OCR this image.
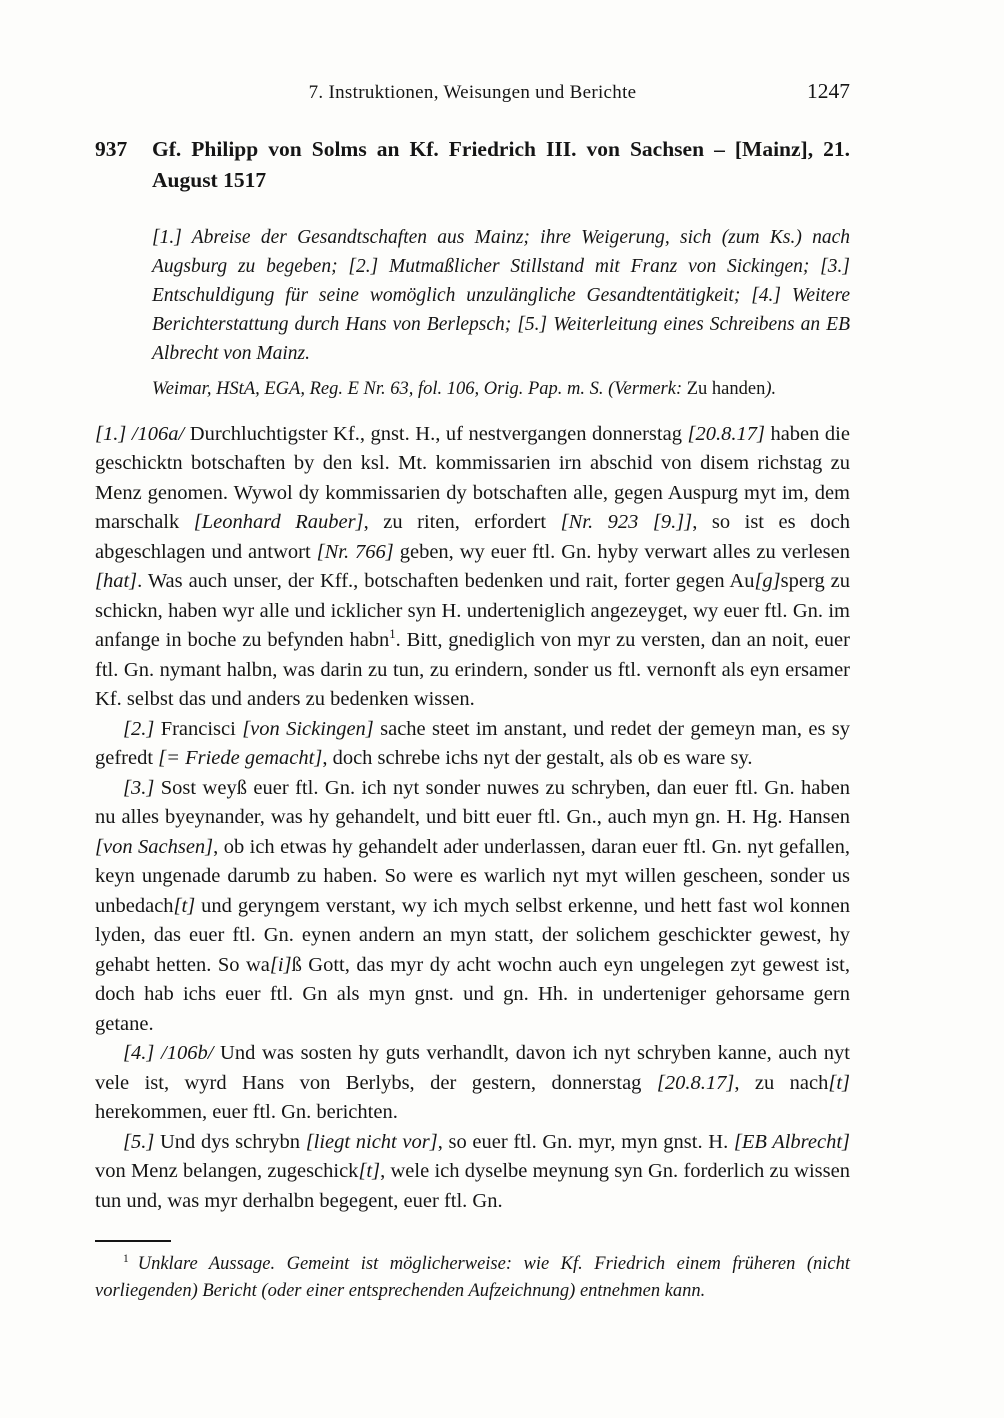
7. Instruktionen, Weisungen und Berichte	1247
937	Gf. Philipp von Solms an Kf. Friedrich III. von Sachsen – [Mainz], 21. August 1517

[1.] Abreise der Gesandtschaften aus Mainz; ihre Weigerung, sich (zum Ks.) nach Augsburg zu begeben; [2.] Mutmaßlicher Stillstand mit Franz von Sickingen; [3.] Entschuldigung für seine womöglich unzulängliche Gesandtentätigkeit; [4.] Weitere Berichterstattung durch Hans von Berlepsch; [5.] Weiterleitung eines Schreibens an EB Albrecht von Mainz.

Weimar, HStA, EGA, Reg. E Nr. 63, fol. 106, Orig. Pap. m. S. (Vermerk: Zu handen).

[1.] /106a/ Durchluchtigster Kf., gnst. H., uf nestvergangen donnerstag [20.8.17] haben die geschicktn botschaften by den ksl. Mt. kommissarien irn abschid von disem richstag zu Menz genomen. Wywol dy kommissarien dy botschaften alle, gegen Auspurg myt im, dem marschalk [Leonhard Rauber], zu riten, erfordert [Nr. 923 [9.]], so ist es doch abgeschlagen und antwort [Nr. 766] geben, wy euer ftl. Gn. hyby verwart alles zu verlesen [hat]. Was auch unser, der Kff., botschaften bedenken und rait, forter gegen Au[g]sperg zu schickn, haben wyr alle und icklicher syn H. underteniglich angezeyget, wy euer ftl. Gn. im anfange in boche zu befynden habn$^1$. Bitt, gnediglich von myr zu versten, dan an noit, euer ftl. Gn. nymant halbn, was darin zu tun, zu erindern, sonder us ftl. vernonft als eyn ersamer Kf. selbst das und anders zu bedenken wissen.

[2.] Francisci [von Sickingen] sache steet im anstant, und redet der gemeyn man, es sy gefredt [= Friede gemacht], doch schrebe ichs nyt der gestalt, als ob es ware sy.

[3.] Sost weyß euer ftl. Gn. ich nyt sonder nuwes zu schryben, dan euer ftl. Gn. haben nu alles byeynander, was hy gehandelt, und bitt euer ftl. Gn., auch myn gn. H. Hg. Hansen [von Sachsen], ob ich etwas hy gehandelt ader underlassen, daran euer ftl. Gn. nyt gefallen, keyn ungenade darumb zu haben. So were es warlich nyt myt willen gescheen, sonder us unbedach[t] und geryngem verstant, wy ich mych selbst erkenne, und hett fast wol konnen lyden, das euer ftl. Gn. eynen andern an myn statt, der solichem geschickter gewest, hy gehabt hetten. So wa[i]ß Gott, das myr dy acht wochn auch eyn ungelegen zyt gewest ist, doch hab ichs euer ftl. Gn als myn gnst. und gn. Hh. in underteniger gehorsame gern getane.

[4.] /106b/ Und was sosten hy guts verhandlt, davon ich nyt schryben kanne, auch nyt vele ist, wyrd Hans von Berlybs, der gestern, donnerstag [20.8.17], zu nach[t] herekommen, euer ftl. Gn. berichten.

[5.] Und dys schrybn [liegt nicht vor], so euer ftl. Gn. myr, myn gnst. H. [EB Albrecht] von Menz belangen, zugeschick[t], wele ich dyselbe meynung syn Gn. forderlich zu wissen tun und, was myr derhalbn begegent, euer ftl. Gn.

$^1$ Unklare Aussage. Gemeint ist möglicherweise: wie Kf. Friedrich einem früheren (nicht vorliegenden) Bericht (oder einer entsprechenden Aufzeichnung) entnehmen kann.
